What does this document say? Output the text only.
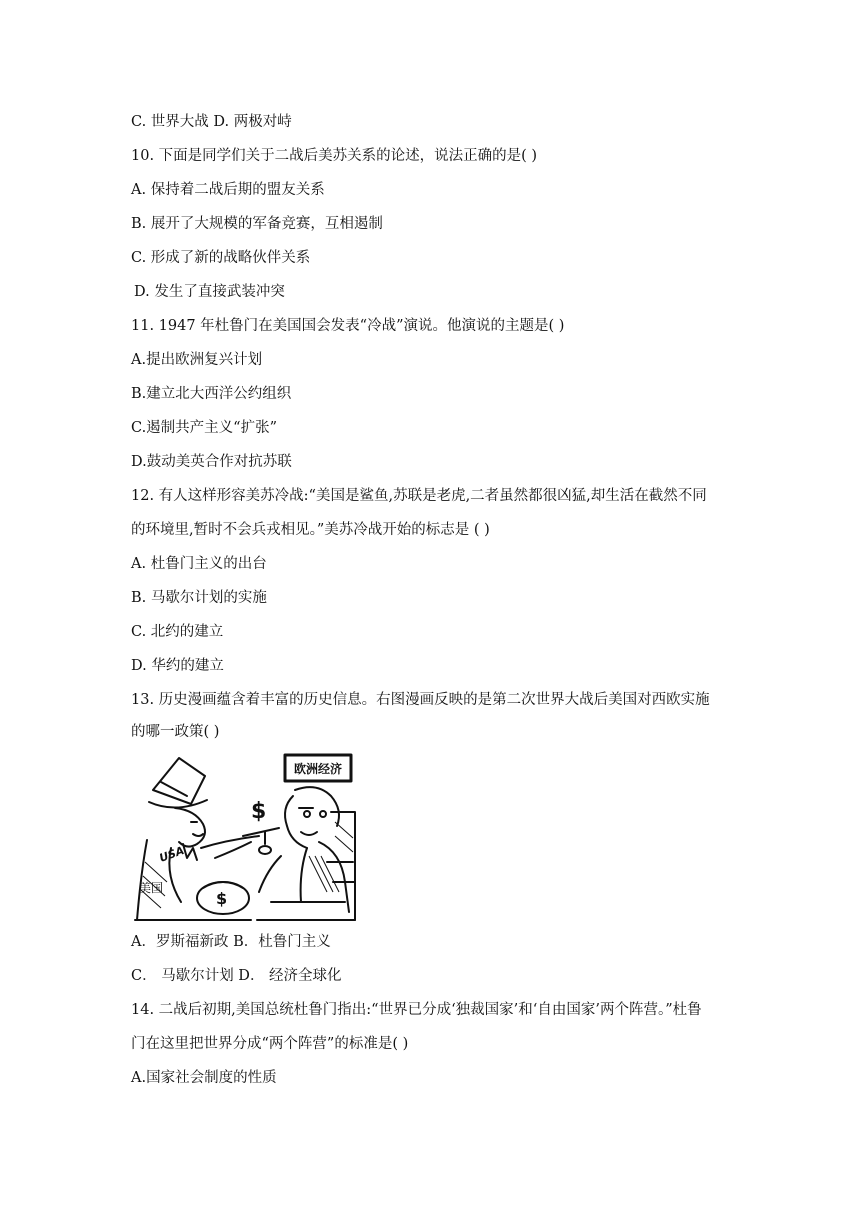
C. 世界大战 D. 两极对峙
10. 下面是同学们关于二战后美苏关系的论述，说法正确的是( )
A. 保持着二战后期的盟友关系
B. 展开了大规模的军备竞赛，互相遏制
C. 形成了新的战略伙伴关系
D. 发生了直接武装冲突
11. 1947 年杜鲁门在美国国会发表“冷战”演说。他演说的主题是( )
A.提出欧洲复兴计划
B.建立北大西洋公约组织
C.遏制共产主义“扩张”
D.鼓动美英合作对抗苏联
12. 有人这样形容美苏冷战:“美国是鲨鱼,苏联是老虎,二者虽然都很凶猛,却生活在截然不同
的环境里,暂时不会兵戎相见。”美苏冷战开始的标志是 ( )
A. 杜鲁门主义的出台
B. 马歇尔计划的实施
C. 北约的建立
D. 华约的建立
13. 历史漫画蕴含着丰富的历史信息。右图漫画反映的是第二次世界大战后美国对西欧实施
的哪一政策( )
欧洲经济
USA
美国
$
$
A．罗斯福新政 B．杜鲁门主义
C． 马歇尔计划 D． 经济全球化
14. 二战后初期,美国总统杜鲁门指出:“世界已分成‘独裁国家’和‘自由国家’两个阵营。”杜鲁
门在这里把世界分成“两个阵营”的标准是( )
A.国家社会制度的性质
